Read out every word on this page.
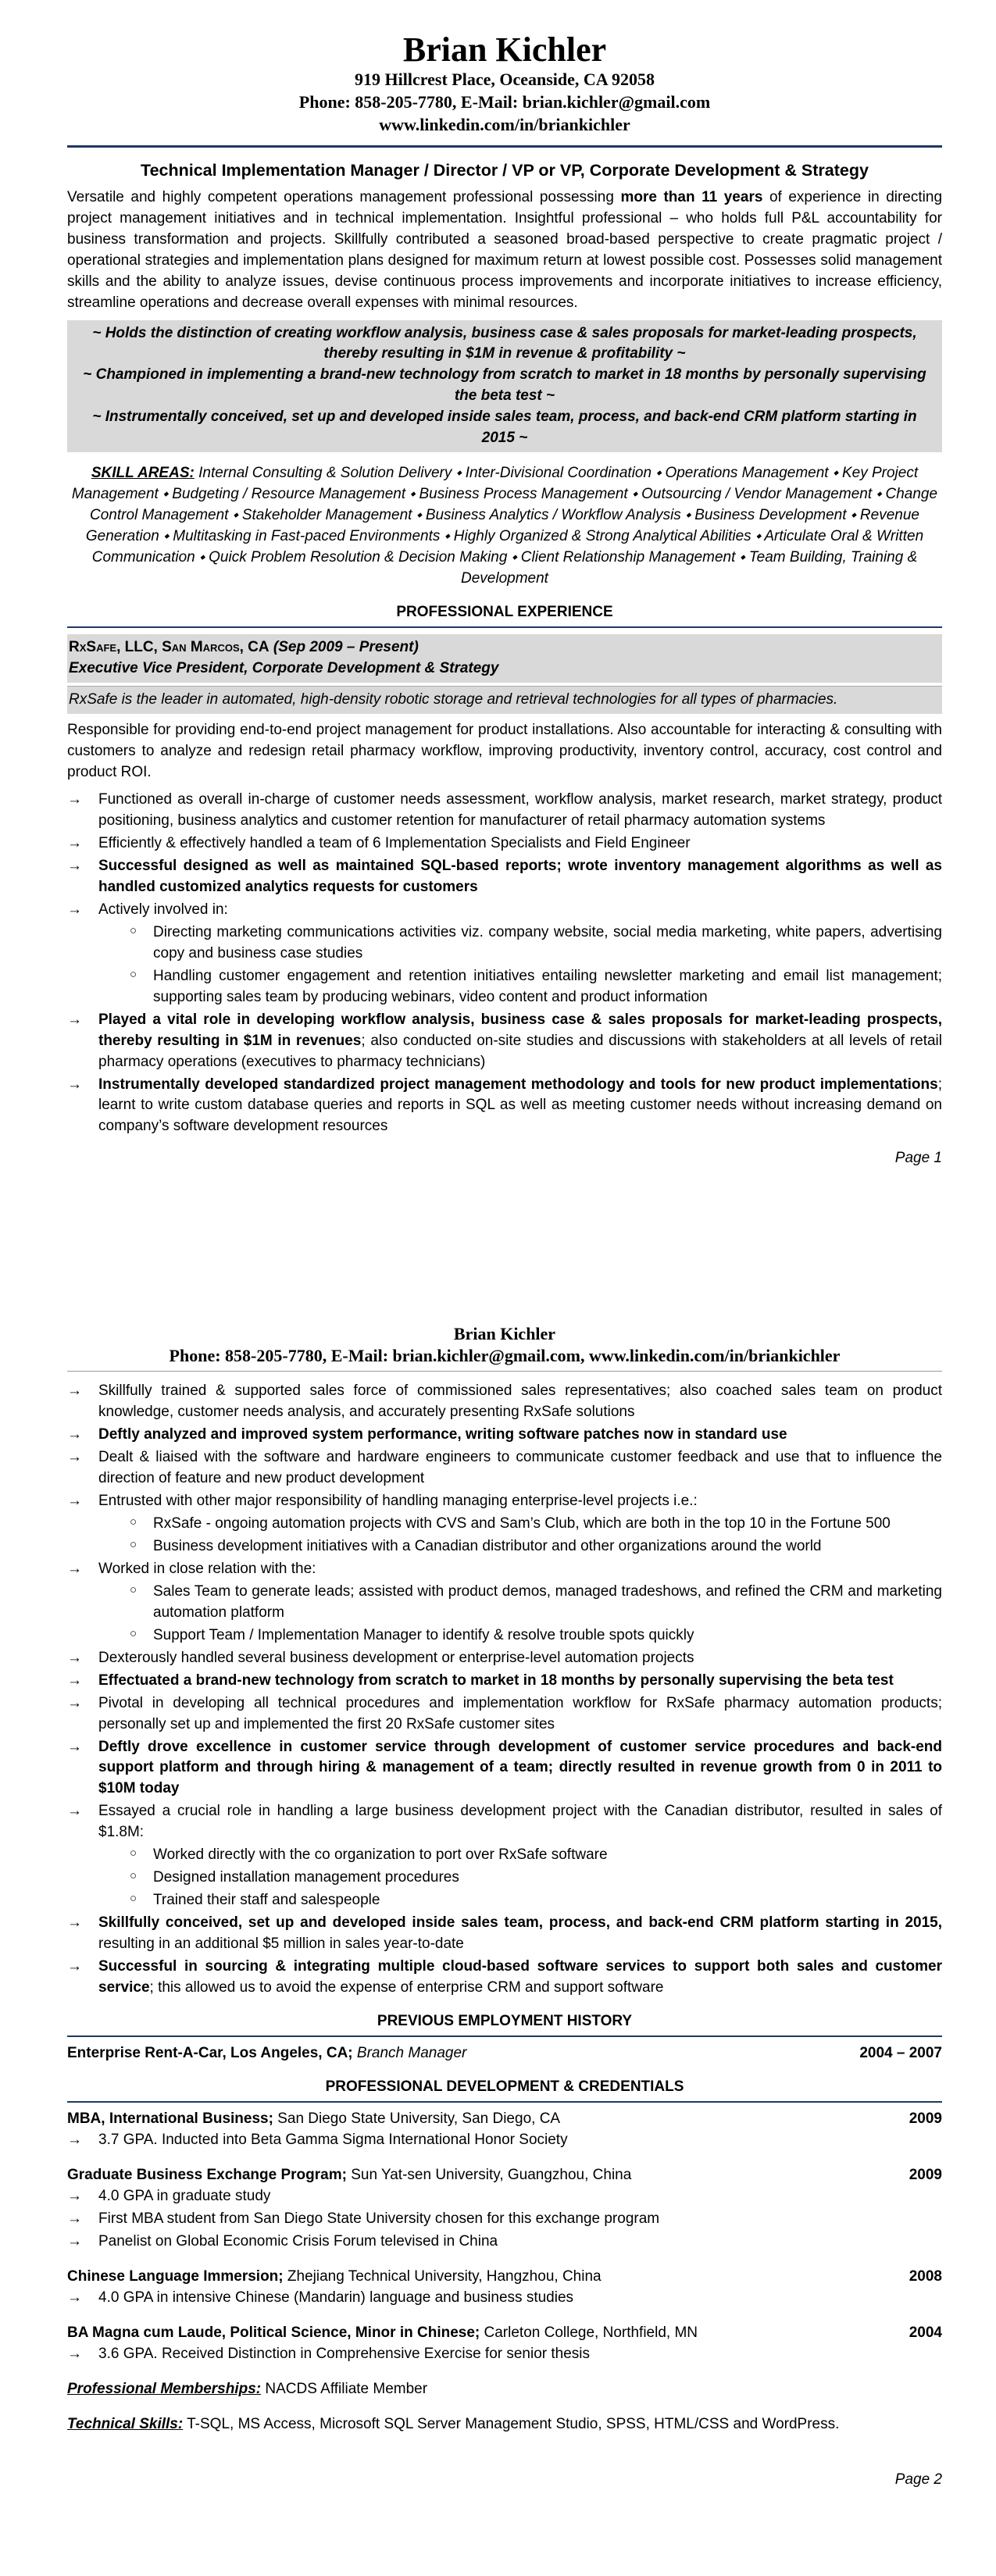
Brian Kichler
919 Hillcrest Place, Oceanside, CA 92058
Phone: 858-205-7780, E-Mail: brian.kichler@gmail.com
www.linkedin.com/in/briankichler
Technical Implementation Manager / Director / VP or VP, Corporate Development & Strategy

Versatile and highly competent operations management professional possessing more than 11 years of experience in directing project management initiatives and in technical implementation. Insightful professional – who holds full P&L accountability for business transformation and projects. Skillfully contributed a seasoned broad-based perspective to create pragmatic project / operational strategies and implementation plans designed for maximum return at lowest possible cost. Possesses solid management skills and the ability to analyze issues, devise continuous process improvements and incorporate initiatives to increase efficiency, streamline operations and decrease overall expenses with minimal resources.

~ Holds the distinction of creating workflow analysis, business case & sales proposals for market-leading prospects, thereby resulting in $1M in revenue & profitability ~
~ Championed in implementing a brand-new technology from scratch to market in 18 months by personally supervising the beta test ~
~ Instrumentally conceived, set up and developed inside sales team, process, and back-end CRM platform starting in 2015 ~
SKILL AREAS: Internal Consulting & Solution Delivery ⬩ Inter-Divisional Coordination ⬩ Operations Management ⬩ Key Project Management ⬩ Budgeting / Resource Management ⬩ Business Process Management ⬩ Outsourcing / Vendor Management ⬩ Change Control Management ⬩ Stakeholder Management ⬩ Business Analytics / Workflow Analysis ⬩ Business Development ⬩ Revenue Generation ⬩ Multitasking in Fast-paced Environments ⬩ Highly Organized & Strong Analytical Abilities ⬩ Articulate Oral & Written Communication ⬩ Quick Problem Resolution & Decision Making ⬩ Client Relationship Management ⬩ Team Building, Training & Development
PROFESSIONAL EXPERIENCE
RxSafe, LLC, San Marcos, CA (Sep 2009 – Present)
Executive Vice President, Corporate Development & Strategy
RxSafe is the leader in automated, high-density robotic storage and retrieval technologies for all types of pharmacies.

Responsible for providing end-to-end project management for product installations. Also accountable for interacting & consulting with customers to analyze and redesign retail pharmacy workflow, improving productivity, inventory control, accuracy, cost control and product ROI.

→ Functioned as overall in-charge of customer needs assessment, workflow analysis, market research, market strategy, product positioning, business analytics and customer retention for manufacturer of retail pharmacy automation systems
→ Efficiently & effectively handled a team of 6 Implementation Specialists and Field Engineer
→ Successful designed as well as maintained SQL-based reports; wrote inventory management algorithms as well as handled customized analytics requests for customers
→ Actively involved in:
○ Directing marketing communications activities viz. company website, social media marketing, white papers, advertising copy and business case studies
○ Handling customer engagement and retention initiatives entailing newsletter marketing and email list management; supporting sales team by producing webinars, video content and product information
→ Played a vital role in developing workflow analysis, business case & sales proposals for market-leading prospects, thereby resulting in $1M in revenues; also conducted on-site studies and discussions with stakeholders at all levels of retail pharmacy operations (executives to pharmacy technicians)
→ Instrumentally developed standardized project management methodology and tools for new product implementations; learnt to write custom database queries and reports in SQL as well as meeting customer needs without increasing demand on company’s software development resources
Page 1
Brian Kichler
Phone: 858-205-7780, E-Mail: brian.kichler@gmail.com, www.linkedin.com/in/briankichler
→ Skillfully trained & supported sales force of commissioned sales representatives; also coached sales team on product knowledge, customer needs analysis, and accurately presenting RxSafe solutions
→ Deftly analyzed and improved system performance, writing software patches now in standard use
→ Dealt & liaised with the software and hardware engineers to communicate customer feedback and use that to influence the direction of feature and new product development
→ Entrusted with other major responsibility of handling managing enterprise-level projects i.e.:
○ RxSafe - ongoing automation projects with CVS and Sam’s Club, which are both in the top 10 in the Fortune 500
○ Business development initiatives with a Canadian distributor and other organizations around the world
→ Worked in close relation with the:
○ Sales Team to generate leads; assisted with product demos, managed tradeshows, and refined the CRM and marketing automation platform
○ Support Team / Implementation Manager to identify & resolve trouble spots quickly
→ Dexterously handled several business development or enterprise-level automation projects
→ Effectuated a brand-new technology from scratch to market in 18 months by personally supervising the beta test
→ Pivotal in developing all technical procedures and implementation workflow for RxSafe pharmacy automation products; personally set up and implemented the first 20 RxSafe customer sites
→ Deftly drove excellence in customer service through development of customer service procedures and back-end support platform and through hiring & management of a team; directly resulted in revenue growth from 0 in 2011 to $10M today
→ Essayed a crucial role in handling a large business development project with the Canadian distributor, resulted in sales of $1.8M:
○ Worked directly with the co organization to port over RxSafe software
○ Designed installation management procedures
○ Trained their staff and salespeople
→ Skillfully conceived, set up and developed inside sales team, process, and back-end CRM platform starting in 2015, resulting in an additional $5 million in sales year-to-date
→ Successful in sourcing & integrating multiple cloud-based software services to support both sales and customer service; this allowed us to avoid the expense of enterprise CRM and support software
PREVIOUS EMPLOYMENT HISTORY
Enterprise Rent-A-Car, Los Angeles, CA; Branch Manager	2004 – 2007
PROFESSIONAL DEVELOPMENT & CREDENTIALS
MBA, International Business; San Diego State University, San Diego, CA	2009
→ 3.7 GPA. Inducted into Beta Gamma Sigma International Honor Society
Graduate Business Exchange Program; Sun Yat-sen University, Guangzhou, China	2009
→ 4.0 GPA in graduate study
→ First MBA student from San Diego State University chosen for this exchange program
→ Panelist on Global Economic Crisis Forum televised in China
Chinese Language Immersion; Zhejiang Technical University, Hangzhou, China	2008
→ 4.0 GPA in intensive Chinese (Mandarin) language and business studies
BA Magna cum Laude, Political Science, Minor in Chinese; Carleton College, Northfield, MN	2004
→ 3.6 GPA. Received Distinction in Comprehensive Exercise for senior thesis
Professional Memberships: NACDS Affiliate Member
Technical Skills: T-SQL, MS Access, Microsoft SQL Server Management Studio, SPSS, HTML/CSS and WordPress.
Page 2
